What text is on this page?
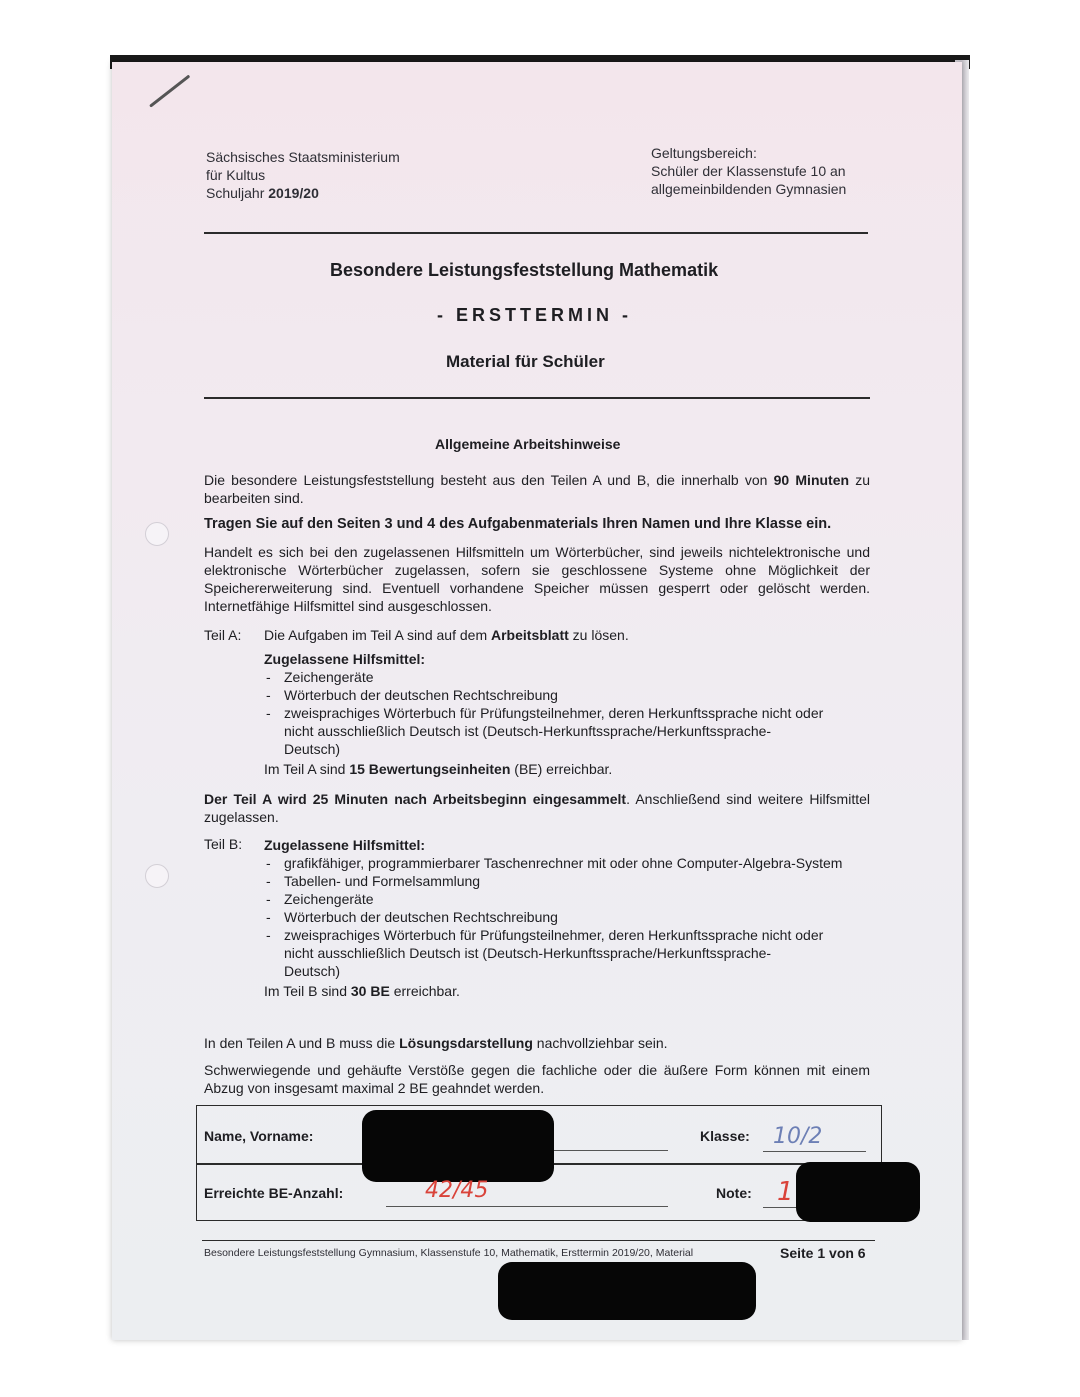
Sächsisches Staatsministerium
für Kultus
Schuljahr 2019/20
Geltungsbereich:
Schüler der Klassenstufe 10 an
allgemeinbildenden Gymnasien
Besondere Leistungsfeststellung Mathematik
- ERSTTERMIN -
Material für Schüler
Allgemeine Arbeitshinweise
Die besondere Leistungsfeststellung besteht aus den Teilen A und B, die innerhalb von 90 Minuten zu bearbeiten sind.
Tragen Sie auf den Seiten 3 und 4 des Aufgabenmaterials Ihren Namen und Ihre Klasse ein.
Handelt es sich bei den zugelassenen Hilfsmitteln um Wörterbücher, sind jeweils nichtelektronische und elektronische Wörterbücher zugelassen, sofern sie geschlossene Systeme ohne Möglichkeit der Speichererweiterung sind. Eventuell vorhandene Speicher müssen gesperrt oder gelöscht werden. Internetfähige Hilfsmittel sind ausgeschlossen.
Teil A: Die Aufgaben im Teil A sind auf dem Arbeitsblatt zu lösen.
Zugelassene Hilfsmittel:
- Zeichengeräte
- Wörterbuch der deutschen Rechtschreibung
- zweisprachiges Wörterbuch für Prüfungsteilnehmer, deren Herkunftssprache nicht oder nicht ausschließlich Deutsch ist (Deutsch-Herkunftssprache/Herkunftssprache-Deutsch)
Im Teil A sind 15 Bewertungseinheiten (BE) erreichbar.
Der Teil A wird 25 Minuten nach Arbeitsbeginn eingesammelt. Anschließend sind weitere Hilfsmittel zugelassen.
Teil B: Zugelassene Hilfsmittel:
- grafikfähiger, programmierbarer Taschenrechner mit oder ohne Computer-Algebra-System
- Tabellen- und Formelsammlung
- Zeichengeräte
- Wörterbuch der deutschen Rechtschreibung
- zweisprachiges Wörterbuch für Prüfungsteilnehmer, deren Herkunftssprache nicht oder nicht ausschließlich Deutsch ist (Deutsch-Herkunftssprache/Herkunftssprache-Deutsch)
Im Teil B sind 30 BE erreichbar.
In den Teilen A und B muss die Lösungsdarstellung nachvollziehbar sein.
Schwerwiegende und gehäufte Verstöße gegen die fachliche oder die äußere Form können mit einem Abzug von insgesamt maximal 2 BE geahndet werden.
Name, Vorname:	Klasse: 10/2
Erreichte BE-Anzahl:	42/45	Note: 1
Besondere Leistungsfeststellung Gymnasium, Klassenstufe 10, Mathematik, Ersttermin 2019/20, Material	Seite 1 von 6
